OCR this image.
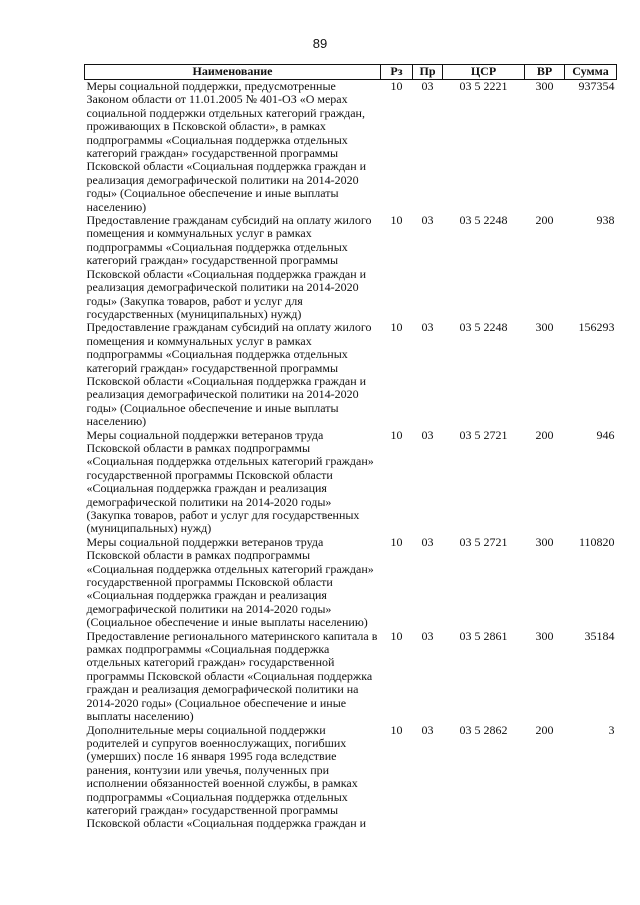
89
Наименование	Рз	Пр	ЦСР	ВР	Сумма
Меры социальной поддержки, предусмотренные Законом области от 11.01.2005 № 401-ОЗ «О мерах социальной поддержки отдельных категорий граждан, проживающих в Псковской области», в рамках подпрограммы «Социальная поддержка отдельных категорий граждан» государственной программы Псковской области «Социальная поддержка граждан и реализация демографической политики на 2014-2020 годы» (Социальное обеспечение и иные выплаты населению)	10	03	03 5 2221	300	937354
Предоставление гражданам субсидий на оплату жилого помещения и коммунальных услуг в рамках подпрограммы «Социальная поддержка отдельных категорий граждан» государственной программы Псковской области «Социальная поддержка граждан и реализация демографической политики на 2014-2020 годы» (Закупка товаров, работ и услуг для государственных (муниципальных) нужд)	10	03	03 5 2248	200	938
Предоставление гражданам субсидий на оплату жилого помещения и коммунальных услуг в рамках подпрограммы «Социальная поддержка отдельных категорий граждан» государственной программы Псковской области «Социальная поддержка граждан и реализация демографической политики на 2014-2020 годы» (Социальное обеспечение и иные выплаты населению)	10	03	03 5 2248	300	156293
Меры социальной поддержки ветеранов труда Псковской области в рамках подпрограммы «Социальная поддержка отдельных категорий граждан» государственной программы Псковской области «Социальная поддержка граждан и реализация демографической политики на 2014-2020 годы» (Закупка товаров, работ и услуг для государственных (муниципальных) нужд)	10	03	03 5 2721	200	946
Меры социальной поддержки ветеранов труда Псковской области в рамках подпрограммы «Социальная поддержка отдельных категорий граждан» государственной программы Псковской области «Социальная поддержка граждан и реализация демографической политики на 2014-2020 годы» (Социальное обеспечение и иные выплаты населению)	10	03	03 5 2721	300	110820
Предоставление регионального материнского капитала в рамках подпрограммы «Социальная поддержка отдельных категорий граждан» государственной программы Псковской области «Социальная поддержка граждан и реализация демографической политики на 2014-2020 годы» (Социальное обеспечение и иные выплаты населению)	10	03	03 5 2861	300	35184
Дополнительные меры социальной поддержки родителей и супругов военнослужащих, погибших (умерших) после 16 января 1995 года вследствие ранения, контузии или увечья, полученных при исполнении обязанностей военной службы, в рамках подпрограммы «Социальная поддержка отдельных категорий граждан» государственной программы Псковской области «Социальная поддержка граждан и	10	03	03 5 2862	200	3
